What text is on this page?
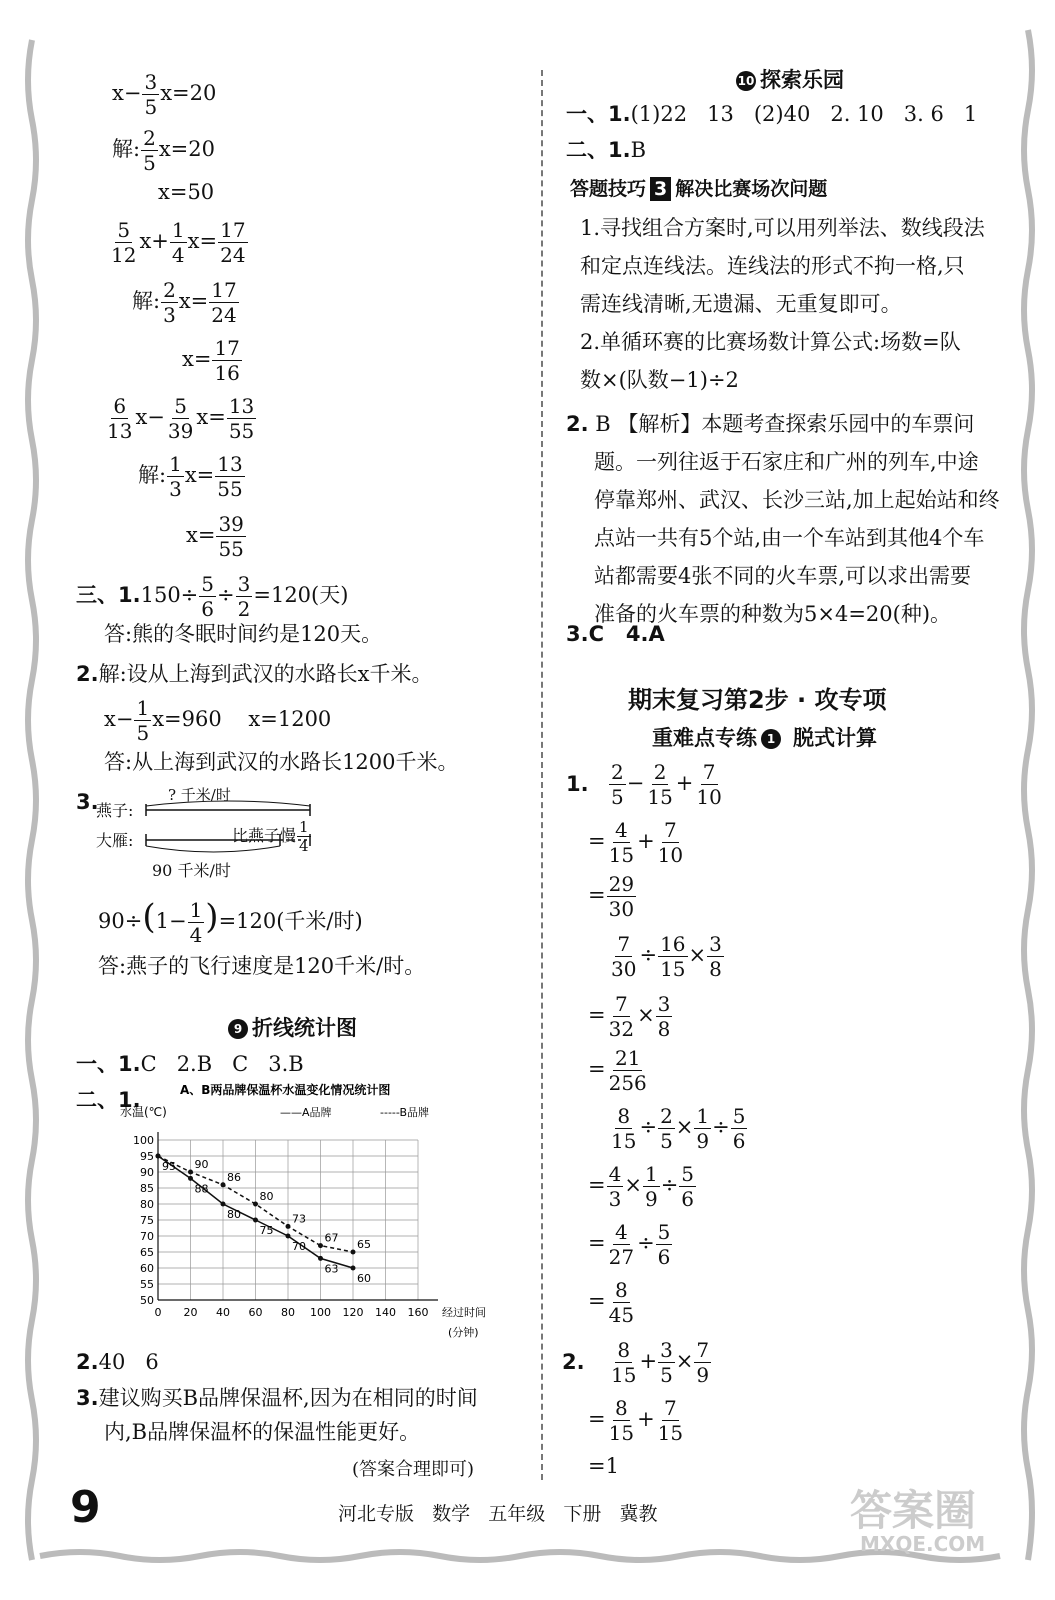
$x- \frac{3}{5} x=20$
解: $\frac{2}{5} x=20$
x=50
$\frac{5}{12} x+ \frac{1}{4} x= \frac{17}{24}$
解: $\frac{2}{3} x= \frac{17}{24}$
$x= \frac{17}{16}$
$\frac{6}{13} x- \frac{5}{39} x= \frac{13}{55}$
解: $\frac{1}{3} x= \frac{13}{55}$
$x= \frac{39}{55}$
三、$1.150\div \frac{5}{6} \div \frac{3}{2} =120$(天)
答:熊的冬眠时间约是120天。
2.解:设从上海到武汉的水路长x千米。
$x- \frac{1}{5} x=960$    x=1200
答:从上海到武汉的水路长1200千米。
3.
燕子:
大雁:
? 千米/时
比燕子慢 $\frac{1}{4}$
90 千米/时
$90\div(1- \frac{1}{4} )=120$(千米/时)
答:燕子的飞行速度是120千米/时。
9 折线统计图
一、1.C   2.B   C   3.B
二、1.	A、B两品牌保温杯水温变化情况统计图
水温(℃)	——A品牌	-----B品牌
50
55
60
65
70
75
80
85
90
95
100
0 20 40 60 80 100 120 140 160 经过时间
(分钟)
95
88
80
75
70
63
60
90
86
80
73
67 65
2.40   6
3.建议购买B品牌保温杯,因为在相同的时间
内,B品牌保温杯的保温性能更好。
(答案合理即可)
10 探索乐园
一、1.(1)22   13   (2)40   2. 10   3. 6   1
二、1.B
答题技巧 3 解决比赛场次问题
1.寻找组合方案时,可以用列举法、数线段法
和定点连线法。连线法的形式不拘一格,只
需连线清晰,无遗漏、无重复即可。
2.单循环赛的比赛场数计算公式:场数=队
数×(队数−1)÷2
2. B 【解析】本题考查探索乐园中的车票问
题。一列往返于石家庄和广州的列车,中途
停靠郑州、武汉、长沙三站,加上起始站和终
点站一共有5个站,由一个车站到其他4个车
站都需要4张不同的火车票,可以求出需要
准备的火车票的种数为5×4=20(种)。
3.C   4.A
期末复习第2步 · 攻专项
重难点专练 1 脱式计算
1. $\frac{2}{5} - \frac{2}{15} + \frac{7}{10}$
= $\frac{4}{15} + \frac{7}{10}$
= $\frac{29}{30}$
$\frac{7}{30} \div \frac{16}{15} \times \frac{3}{8}$
= $\frac{7}{32} \times \frac{3}{8}$
= $\frac{21}{256}$
$\frac{8}{15} \div \frac{2}{5} \times \frac{1}{9} \div \frac{5}{6}$
= $\frac{4}{3} \times \frac{1}{9} \div \frac{5}{6}$
= $\frac{4}{27} \div \frac{5}{6}$
= $\frac{8}{45}$
2. $\frac{8}{15} + \frac{3}{5} \times \frac{7}{9}$
= $\frac{8}{15} + \frac{7}{15}$
=1
9	河北专版   数学   五年级   下册   冀教	答案圈
MXQE.COM
